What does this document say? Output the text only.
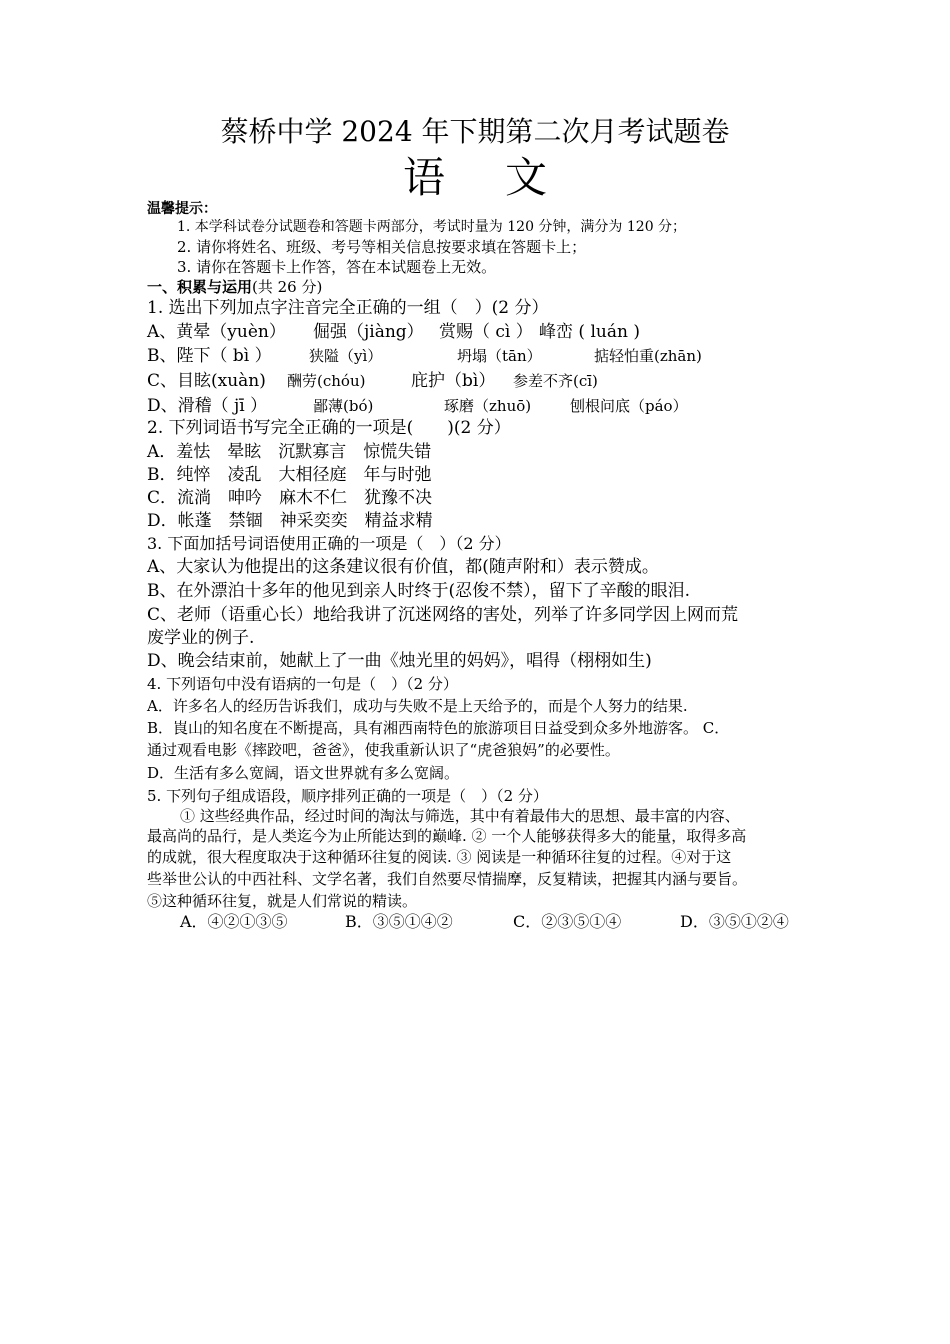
蔡桥中学 2024 年下期第二次月考试题卷
语文
温馨提示：
1. 本学科试卷分试题卷和答题卡两部分，考试时量为 120 分钟，满分为 120 分；
2. 请你将姓名、班级、考号等相关信息按要求填在答题卡上；
3. 请你在答题卡上作答，答在本试题卷上无效。
一、积累与运用(共 26 分)
1. 选出下列加点字注音完全正确的一组（　）(2 分）
A、黄晕（yuèn） 倔强（jiàng） 赏赐（ cì ） 峰峦 ( luán )
B、陛下（ bì ） 狭隘（yì）	坍塌（tān）	掂轻怕重(zhān)
C、目眩(xuàn) 酬劳(chóu)	庇护（bì） 参差不齐(cī)
D、滑稽（ jī ）	鄙薄(bó)	琢磨（zhuō)	刨根问底（páo）
2. 下列词语书写完全正确的一项是(　　)(2 分）
A．羞怯　晕眩　沉默寡言　惊慌失错
B．纯悴　凌乱　大相径庭　年与时弛
C．流淌　呻吟　麻木不仁　犹豫不决
D．帐蓬　禁锢　神采奕奕　精益求精
3. 下面加括号词语使用正确的一项是（　）（2 分）
A、大家认为他提出的这条建议很有价值，都(随声附和）表示赞成。
B、在外漂泊十多年的他见到亲人时终于(忍俊不禁），留下了辛酸的眼泪.
C、老师（语重心长）地给我讲了沉迷网络的害处，列举了许多同学因上网而荒
废学业的例子.
D、晚会结束前，她献上了一曲《烛光里的妈妈》，唱得（栩栩如生)
4. 下列语句中没有语病的一句是（　）（2 分）
A．许多名人的经历告诉我们，成功与失败不是上天给予的，而是个人努力的结果.
B．崀山的知名度在不断提高，具有湘西南特色的旅游项目日益受到众多外地游客。 C．
通过观看电影《摔跤吧，爸爸》，使我重新认识了“虎爸狼妈”的必要性。
D．生活有多么宽阔，语文世界就有多么宽阔。
5. 下列句子组成语段，顺序排列正确的一项是（　）（2 分）
① 这些经典作品，经过时间的淘汰与筛选，其中有着最伟大的思想、最丰富的内容、
最高尚的品行，是人类迄今为止所能达到的巅峰. ② 一个人能够获得多大的能量，取得多高
的成就，很大程度取决于这种循环往复的阅读. ③ 阅读是一种循环往复的过程。④对于这
些举世公认的中西社科、文学名著，我们自然要尽情揣摩，反复精读，把握其内涵与要旨。
⑤这种循环往复，就是人们常说的精读。
A．④②①③⑤	B．③⑤①④②	C．②③⑤①④	D．③⑤①②④
